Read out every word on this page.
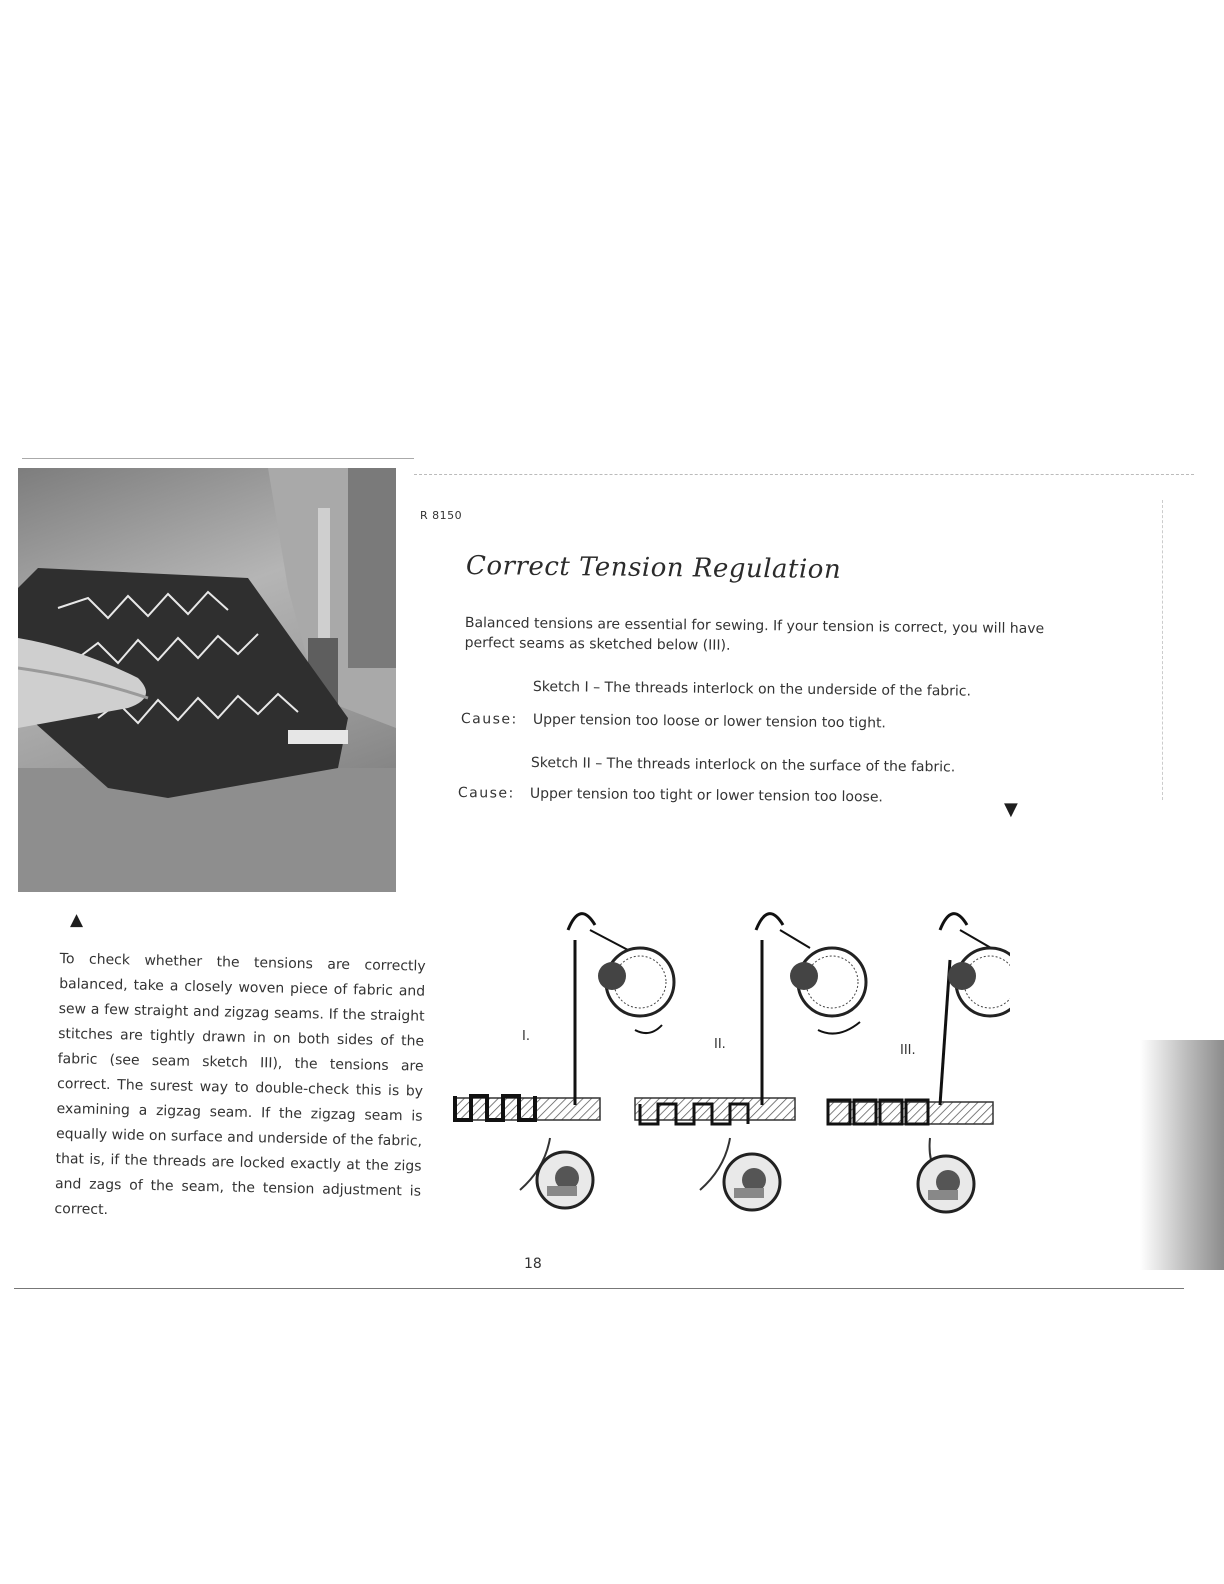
R 8150
Correct Tension Regulation
Balanced tensions are essential for sewing. If your tension is correct, you will have perfect seams as sketched below (III).
Sketch I – The threads interlock on the underside of the fabric.
Cause: Upper tension too loose or lower tension too tight.
Sketch II – The threads interlock on the surface of the fabric.
Cause: Upper tension too tight or lower tension too loose.
▼
▲
To check whether the tensions are correctly balanced, take a closely woven piece of fabric and sew a few straight and zigzag seams. If the straight stitches are tightly drawn in on both sides of the fabric (see seam sketch III), the tensions are correct. The surest way to double-check this is by examining a zigzag seam. If the zigzag seam is equally wide on surface and underside of the fabric, that is, if the threads are locked exactly at the zigs and zags of the seam, the tension adjustment is correct.
I.
II.	III.
18
